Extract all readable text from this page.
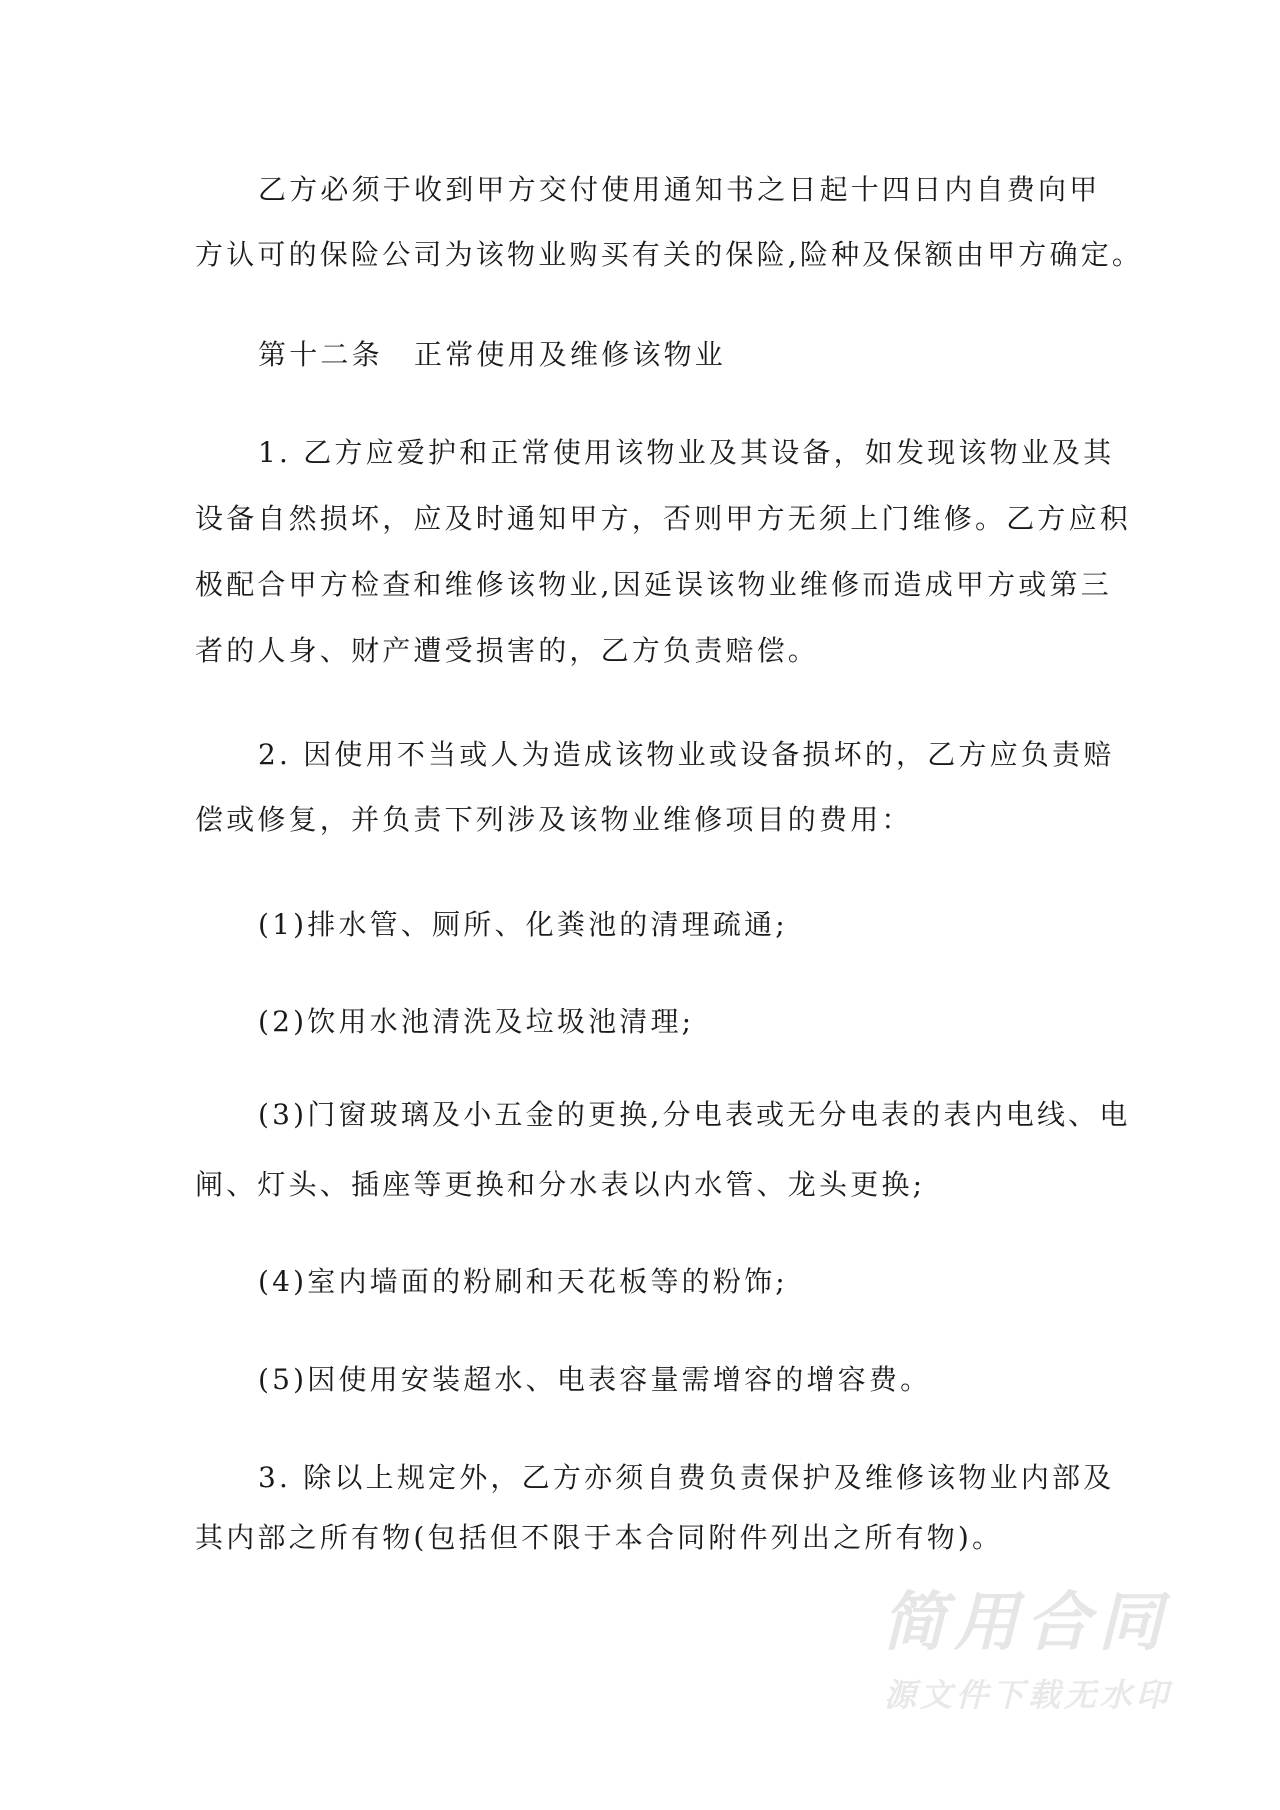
乙方必须于收到甲方交付使用通知书之日起十四日内自费向甲
方认可的保险公司为该物业购买有关的保险,险种及保额由甲方确定。
第十二条　正常使用及维修该物业
1. 乙方应爱护和正常使用该物业及其设备，如发现该物业及其
设备自然损坏，应及时通知甲方，否则甲方无须上门维修。乙方应积
极配合甲方检查和维修该物业,因延误该物业维修而造成甲方或第三
者的人身、财产遭受损害的，乙方负责赔偿。
2. 因使用不当或人为造成该物业或设备损坏的，乙方应负责赔
偿或修复，并负责下列涉及该物业维修项目的费用：
(1)排水管、厕所、化粪池的清理疏通;
(2)饮用水池清洗及垃圾池清理;
(3)门窗玻璃及小五金的更换,分电表或无分电表的表内电线、电
闸、灯头、插座等更换和分水表以内水管、龙头更换;
(4)室内墙面的粉刷和天花板等的粉饰;
(5)因使用安装超水、电表容量需增容的增容费。
3. 除以上规定外，乙方亦须自费负责保护及维修该物业内部及
其内部之所有物(包括但不限于本合同附件列出之所有物)。
简用合同
源文件下载无水印
